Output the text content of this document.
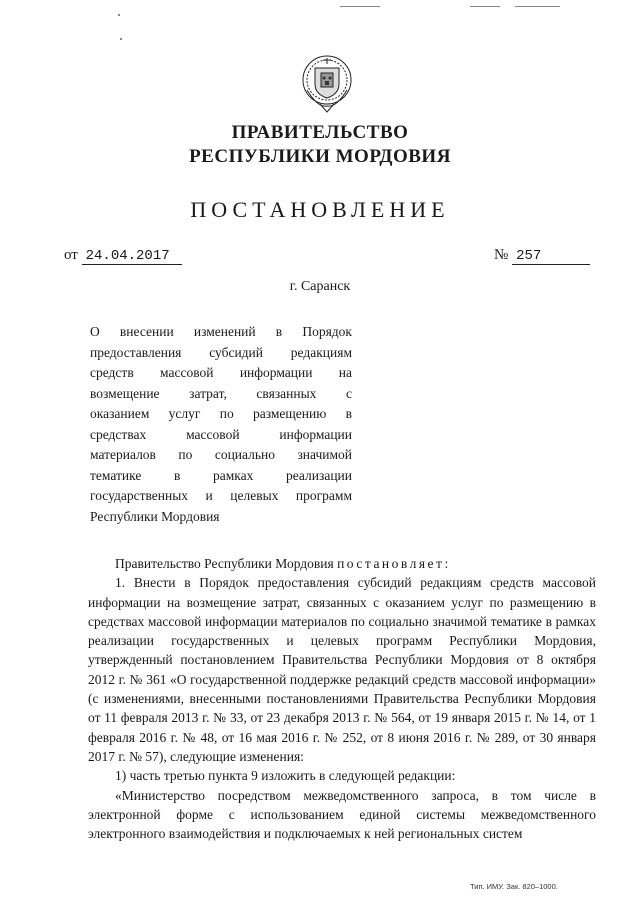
ПРАВИТЕЛЬСТВО
РЕСПУБЛИКИ МОРДОВИЯ
ПОСТАНОВЛЕНИЕ
от 24.04.2017	№ 257
г. Саранск
О внесении изменений в Порядок
предоставления субсидий редакциям
средств массовой информации на
возмещение затрат, связанных с
оказанием услуг по размещению в
средствах массовой информации
материалов по социально значимой
тематике в рамках реализации
государственных и целевых программ
Республики Мордовия

Правительство Республики Мордовия постановляет:

1. Внести в Порядок предоставления субсидий редакциям средств массовой информации на возмещение затрат, связанных с оказанием услуг по размещению в средствах массовой информации материалов по социально значимой тематике в рамках реализации государственных и целевых программ Республики Мордовия, утвержденный постановлением Правительства Республики Мордовия от 8 октября 2012 г. № 361 «О государственной поддержке редакций средств массовой информации» (с изменениями, внесенными постановлениями Правительства Республики Мордовия от 11 февраля 2013 г. № 33, от 23 декабря 2013 г. № 564, от 19 января 2015 г. № 14, от 1 февраля 2016 г. № 48, от 16 мая 2016 г. № 252, от 8 июня 2016 г. № 289, от 30 января 2017 г. № 57), следующие изменения:

1) часть третью пункта 9 изложить в следующей редакции:

«Министерство посредством межведомственного запроса, в том числе в электронной форме с использованием единой системы межведомственного электронного взаимодействия и подключаемых к ней региональных систем

Тип. ИМУ. Зак. 820–1000.
